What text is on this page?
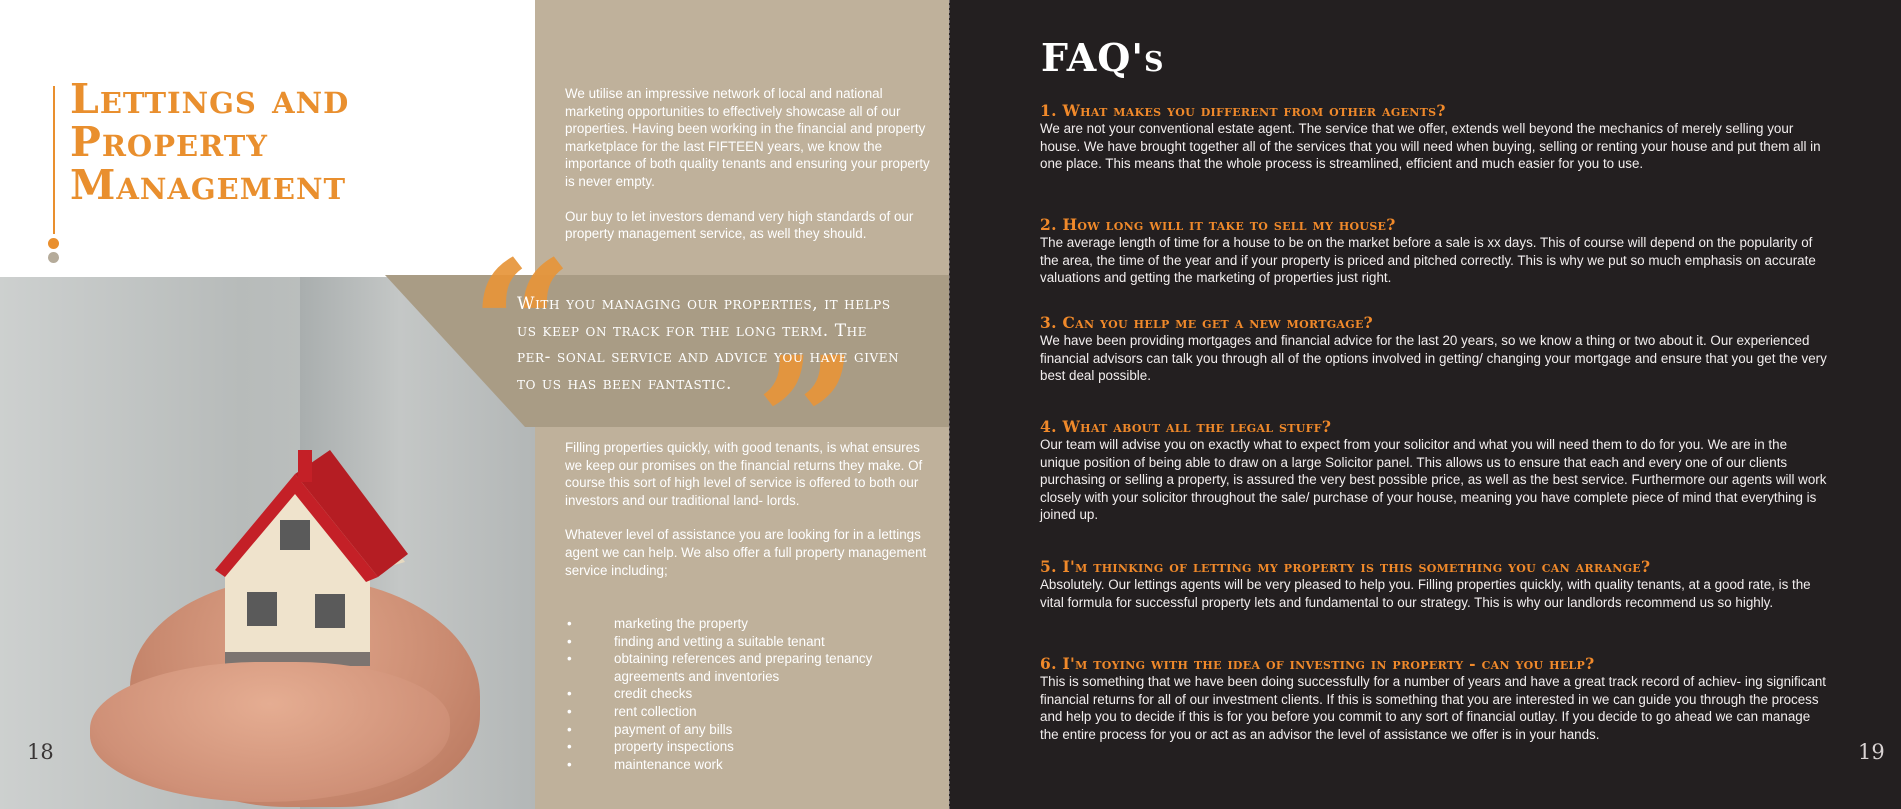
Lettings and Property Management

We utilise an impressive network of local and national marketing opportunities to effectively showcase all of our properties. Having been working in the financial and property marketplace for the last FIFTEEN years, we know the importance of both quality tenants and ensuring your property is never empty.

Our buy to let investors demand very high standards of our property management service, as well they should.

“ ”

With you managing our properties, it helps us keep on track for the long term. The per- sonal service and advice you have given to us has been fantastic.

Filling properties quickly, with good tenants, is what ensures we keep our promises on the financial returns they make. Of course this sort of high level of service is offered to both our investors and our traditional land- lords.

Whatever level of assistance you are looking for in a lettings agent we can help. We also offer a full property management service including;

• marketing the property
• finding and vetting a suitable tenant
• obtaining references and preparing tenancy agreements and inventories
• credit checks
• rent collection
• payment of any bills
• property inspections
• maintenance work
18
FAQ's
1. What makes you different from other agents?

We are not your conventional estate agent. The service that we offer, extends well beyond the mechanics of merely selling your house. We have brought together all of the services that you will need when buying, selling or renting your house and put them all in one place. This means that the whole process is streamlined, efficient and much easier for you to use.

2. How long will it take to sell my house?

The average length of time for a house to be on the market before a sale is xx days. This of course will depend on the popularity of the area, the time of the year and if your property is priced and pitched correctly. This is why we put so much emphasis on accurate valuations and getting the marketing of properties just right.

3. Can you help me get a new mortgage?

We have been providing mortgages and financial advice for the last 20 years, so we know a thing or two about it. Our experienced financial advisors can talk you through all of the options involved in getting/ changing your mortgage and ensure that you get the very best deal possible.

4. What about all the legal stuff?

Our team will advise you on exactly what to expect from your solicitor and what you will need them to do for you. We are in the unique position of being able to draw on a large Solicitor panel. This allows us to ensure that each and every one of our clients purchasing or selling a property, is assured the very best possible price, as well as the best service. Furthermore our agents will work closely with your solicitor throughout the sale/ purchase of your house, meaning you have complete piece of mind that everything is joined up.

5. I'm thinking of letting my property is this something you can arrange?

Absolutely. Our lettings agents will be very pleased to help you. Filling properties quickly, with quality tenants, at a good rate, is the vital formula for successful property lets and fundamental to our strategy. This is why our landlords recommend us so highly.

6. I'm toying with the idea of investing in property - can you help?

This is something that we have been doing successfully for a number of years and have a great track record of achiev- ing significant financial returns for all of our investment clients. If this is something that you are interested in we can guide you through the process and help you to decide if this is for you before you commit to any sort of financial outlay. If you decide to go ahead we can manage the entire process for you or act as an advisor the level of assistance we offer is in your hands.

19
